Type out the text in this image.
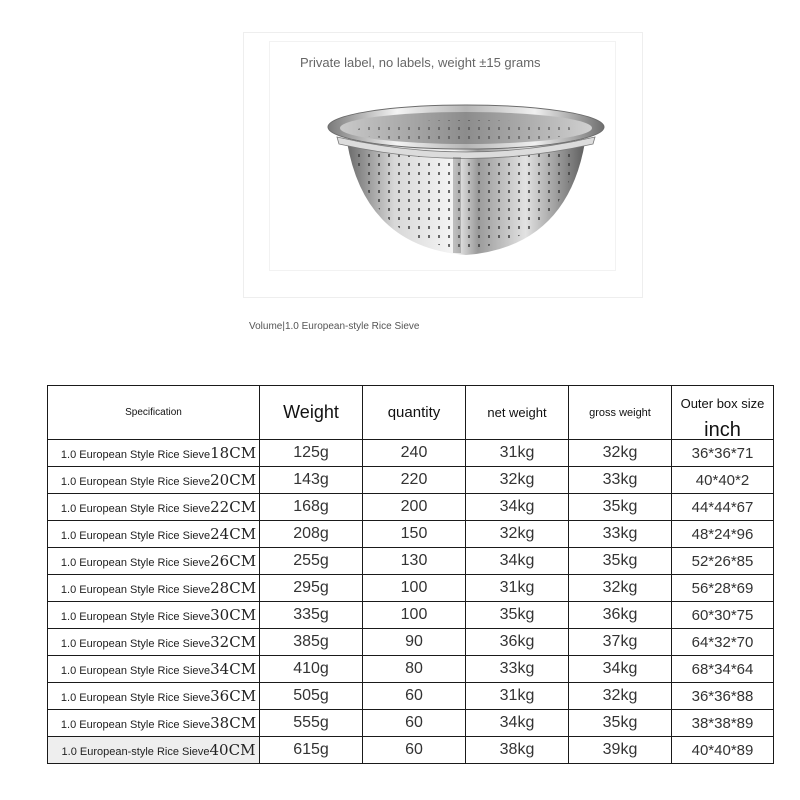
Private label, no labels, weight ±15 grams
Volume|1.0 European-style Rice Sieve
Specification	Weight	quantity	net weight	gross weight	Outer box size
inch

1.0 European Style Rice Sieve18CM	125g	240	31kg	32kg	36*36*71
1.0 European Style Rice Sieve20CM	143g	220	32kg	33kg	40*40*2
1.0 European Style Rice Sieve22CM	168g	200	34kg	35kg	44*44*67
1.0 European Style Rice Sieve24CM	208g	150	32kg	33kg	48*24*96
1.0 European Style Rice Sieve26CM	255g	130	34kg	35kg	52*26*85
1.0 European Style Rice Sieve28CM	295g	100	31kg	32kg	56*28*69
1.0 European Style Rice Sieve30CM	335g	100	35kg	36kg	60*30*75
1.0 European Style Rice Sieve32CM	385g	90	36kg	37kg	64*32*70
1.0 European Style Rice Sieve34CM	410g	80	33kg	34kg	68*34*64
1.0 European Style Rice Sieve36CM	505g	60	31kg	32kg	36*36*88
1.0 European Style Rice Sieve38CM	555g	60	34kg	35kg	38*38*89
1.0 European-style Rice Sieve40CM	615g	60	38kg	39kg	40*40*89
